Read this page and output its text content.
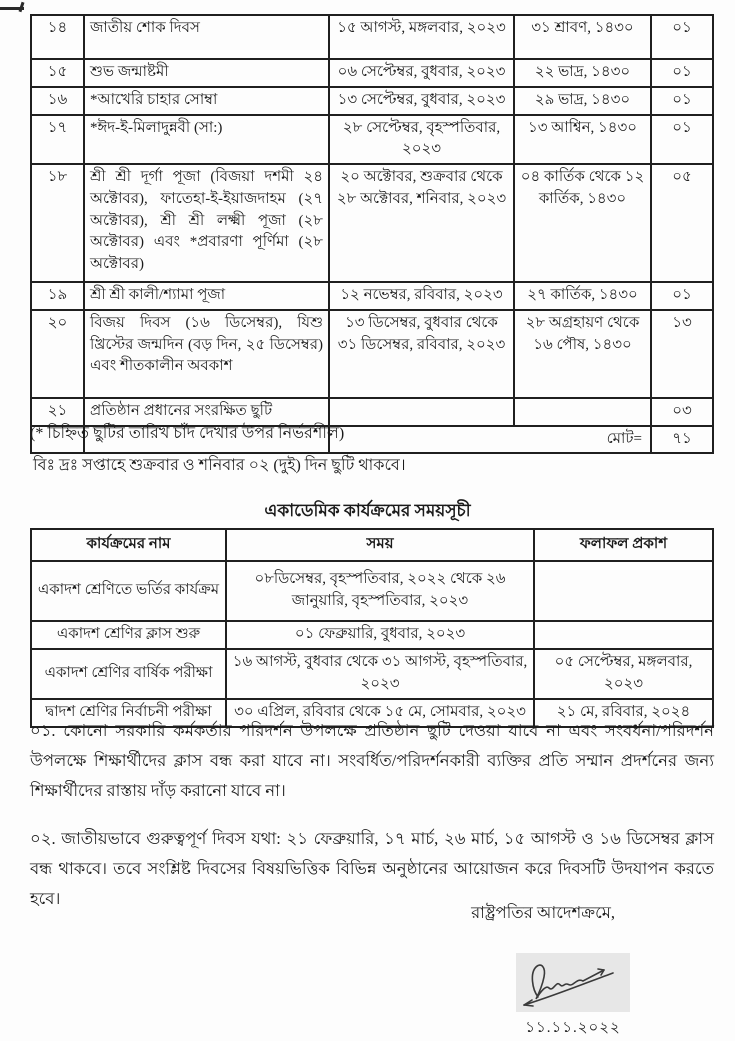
১৪	জাতীয় শোক দিবস	১৫ আগস্ট, মঙ্গলবার, ২০২৩	৩১ শ্রাবণ, ১৪৩০	০১
১৫	শুভ জন্মাষ্টমী	০৬ সেপ্টেম্বর, বুধবার, ২০২৩	২২ ভাদ্র, ১৪৩০	০১
১৬	*আখেরি চাহার সোম্বা	১৩ সেপ্টেম্বর, বুধবার, ২০২৩	২৯ ভাদ্র, ১৪৩০	০১
১৭	*ঈদ-ই-মিলাদুন্নবী (সা:)	২৮ সেপ্টেম্বর, বৃহস্পতিবার, ২০২৩	১৩ আশ্বিন, ১৪৩০	০১
১৮	শ্রী শ্রী দূর্গা পূজা (বিজয়া দশমী ২৪ অক্টোবর), ফাতেহা-ই-ইয়াজদাহম (২৭ অক্টোবর), শ্রী শ্রী লক্ষ্মী পূজা (২৮ অক্টোবর) এবং *প্রবারণা পূর্ণিমা (২৮ অক্টোবর)	২০ অক্টোবর, শুক্রবার থেকে ২৮ অক্টোবর, শনিবার, ২০২৩	০৪ কার্তিক থেকে ১২ কার্তিক, ১৪৩০	০৫
১৯	শ্রী শ্রী কালী/শ্যামা পূজা	১২ নভেম্বর, রবিবার, ২০২৩	২৭ কার্তিক, ১৪৩০	০১
২০	বিজয় দিবস (১৬ ডিসেম্বর), যিশু খ্রিস্টের জন্মদিন (বড় দিন, ২৫ ডিসেম্বর) এবং শীতকালীন অবকাশ	১৩ ডিসেম্বর, বুধবার থেকে ৩১ ডিসেম্বর, রবিবার, ২০২৩	২৮ অগ্রহায়ণ থেকে ১৬ পৌষ, ১৪৩০	১৩
২১	প্রতিষ্ঠান প্রধানের সংরক্ষিত ছুটি			০৩
		মোট=		৭১
(* চিহ্নিত ছুটির তারিখ চাঁদ দেখার উপর নির্ভরশীল)
বিঃ দ্রঃ সপ্তাহে শুক্রবার ও শনিবার ০২ (দুই) দিন ছুটি থাকবে।
একাডেমিক কার্যক্রমের সময়সূচী
কার্যক্রমের নাম	সময়	ফলাফল প্রকাশ
একাদশ শ্রেণিতে ভর্তির কার্যক্রম	০৮ডিসেম্বর, বৃহস্পতিবার, ২০২২ থেকে ২৬ জানুয়ারি, বৃহস্পতিবার, ২০২৩	
একাদশ শ্রেণির ক্লাস শুরু	০১ ফেব্রুয়ারি, বুধবার, ২০২৩	
একাদশ শ্রেণির বার্ষিক পরীক্ষা	১৬ আগস্ট, বুধবার থেকে ৩১ আগস্ট, বৃহস্পতিবার, ২০২৩	০৫ সেপ্টেম্বর, মঙ্গলবার, ২০২৩
দ্বাদশ শ্রেণির নির্বাচনী পরীক্ষা	৩০ এপ্রিল, রবিবার থেকে ১৫ মে, সোমবার, ২০২৩	২১ মে, রবিবার, ২০২৪
০১. কোনো সরকারি কর্মকর্তার পরিদর্শন উপলক্ষে প্রতিষ্ঠান ছুটি দেওয়া যাবে না এবং সংবর্ধনা/পরিদর্শন উপলক্ষে শিক্ষার্থীদের ক্লাস বন্ধ করা যাবে না। সংবর্ধিত/পরিদর্শনকারী ব্যক্তির প্রতি সম্মান প্রদর্শনের জন্য শিক্ষার্থীদের রাস্তায় দাঁড় করানো যাবে না।
০২. জাতীয়ভাবে গুরুত্বপূর্ণ দিবস যথা: ২১ ফেব্রুয়ারি, ১৭ মার্চ, ২৬ মার্চ, ১৫ আগস্ট ও ১৬ ডিসেম্বর ক্লাস বন্ধ থাকবে। তবে সংশ্লিষ্ট দিবসের বিষয়ভিত্তিক বিভিন্ন অনুষ্ঠানের আয়োজন করে দিবসটি উদযাপন করতে হবে।
রাষ্ট্রপতির আদেশক্রমে,
১১.১১.২০২২
